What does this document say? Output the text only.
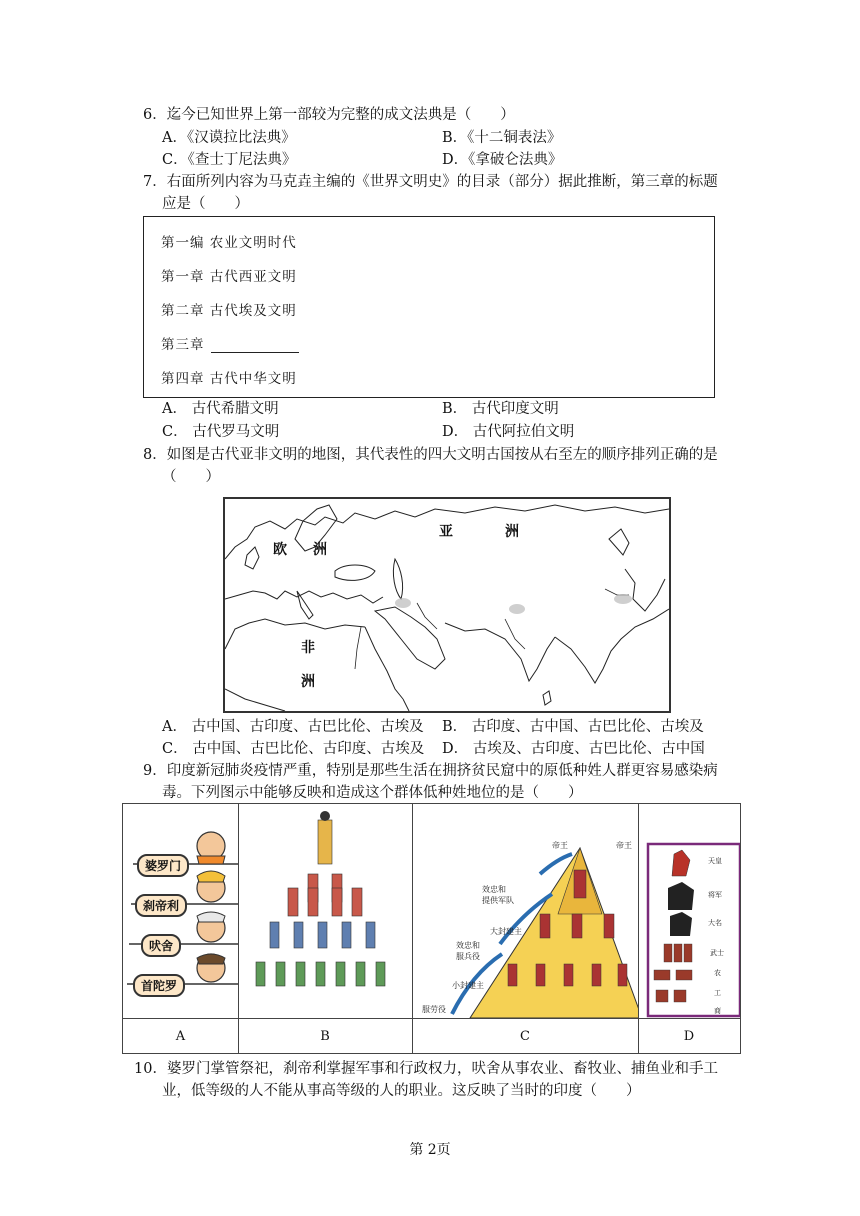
6．迄今已知世界上第一部较为完整的成文法典是（　　）
A．《汉谟拉比法典》	B．《十二铜表法》
C．《查士丁尼法典》	D．《拿破仑法典》
7．右面所列内容为马克垚主编的《世界文明史》的目录（部分）据此推断，第三章的标题
应是（　　）
第一编 农业文明时代
第一章 古代西亚文明
第二章 古代埃及文明
第三章
第四章 古代中华文明
A． 古代希腊文明	B． 古代印度文明
C． 古代罗马文明	D． 古代阿拉伯文明
8．如图是古代亚非文明的地图，其代表性的四大文明古国按从右至左的顺序排列正确的是
（　　）
亚	洲
欧 洲
非
洲
A． 古中国、古印度、古巴比伦、古埃及 B． 古印度、古中国、古巴比伦、古埃及
C． 古中国、古巴比伦、古印度、古埃及 D． 古埃及、古印度、古巴比伦、古中国
9．印度新冠肺炎疫情严重，特别是那些生活在拥挤贫民窟中的原低种姓人群更容易感染病
毒。下列图示中能够反映和造成这个群体低种姓地位的是（　　）
婆罗门
刹帝利
吠舍
首陀罗
帝王	帝王
效忠和
提供军队
大封建主
效忠和
服兵役
小封建主
服劳役
天皇
将军
大名
武士
农
工
商
A	B	C	D
10．婆罗门掌管祭祀，刹帝利掌握军事和行政权力，吠舍从事农业、畜牧业、捕鱼业和手工
业，低等级的人不能从事高等级的人的职业。这反映了当时的印度（　　）
第 2页
